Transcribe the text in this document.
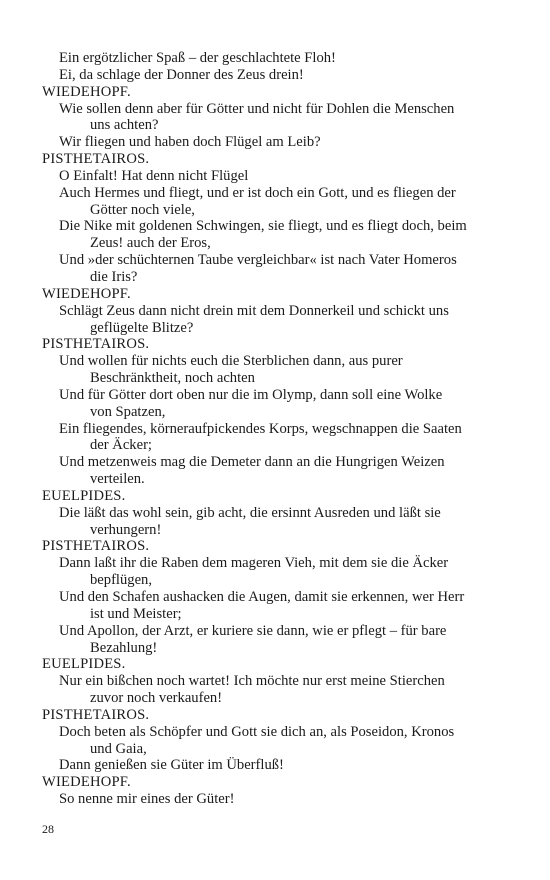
Ein ergötzlicher Spaß – der geschlachtete Floh!
Ei, da schlage der Donner des Zeus drein!
WIEDEHOPF.
Wie sollen denn aber für Götter und nicht für Dohlen die Menschen
uns achten?
Wir fliegen und haben doch Flügel am Leib?
PISTHETAIROS.
O Einfalt! Hat denn nicht Flügel
Auch Hermes und fliegt, und er ist doch ein Gott, und es fliegen der
Götter noch viele,
Die Nike mit goldenen Schwingen, sie fliegt, und es fliegt doch, beim
Zeus! auch der Eros,
Und »der schüchternen Taube vergleichbar« ist nach Vater Homeros
die Iris?
WIEDEHOPF.
Schlägt Zeus dann nicht drein mit dem Donnerkeil und schickt uns
geflügelte Blitze?
PISTHETAIROS.
Und wollen für nichts euch die Sterblichen dann, aus purer
Beschränktheit, noch achten
Und für Götter dort oben nur die im Olymp, dann soll eine Wolke
von Spatzen,
Ein fliegendes, körneraufpickendes Korps, wegschnappen die Saaten
der Äcker;
Und metzenweis mag die Demeter dann an die Hungrigen Weizen
verteilen.
EUELPIDES.
Die läßt das wohl sein, gib acht, die ersinnt Ausreden und läßt sie
verhungern!
PISTHETAIROS.
Dann laßt ihr die Raben dem mageren Vieh, mit dem sie die Äcker
bepflügen,
Und den Schafen aushacken die Augen, damit sie erkennen, wer Herr
ist und Meister;
Und Apollon, der Arzt, er kuriere sie dann, wie er pflegt – für bare
Bezahlung!
EUELPIDES.
Nur ein bißchen noch wartet! Ich möchte nur erst meine Stierchen
zuvor noch verkaufen!
PISTHETAIROS.
Doch beten als Schöpfer und Gott sie dich an, als Poseidon, Kronos
und Gaia,
Dann genießen sie Güter im Überfluß!
WIEDEHOPF.
So nenne mir eines der Güter!
28
